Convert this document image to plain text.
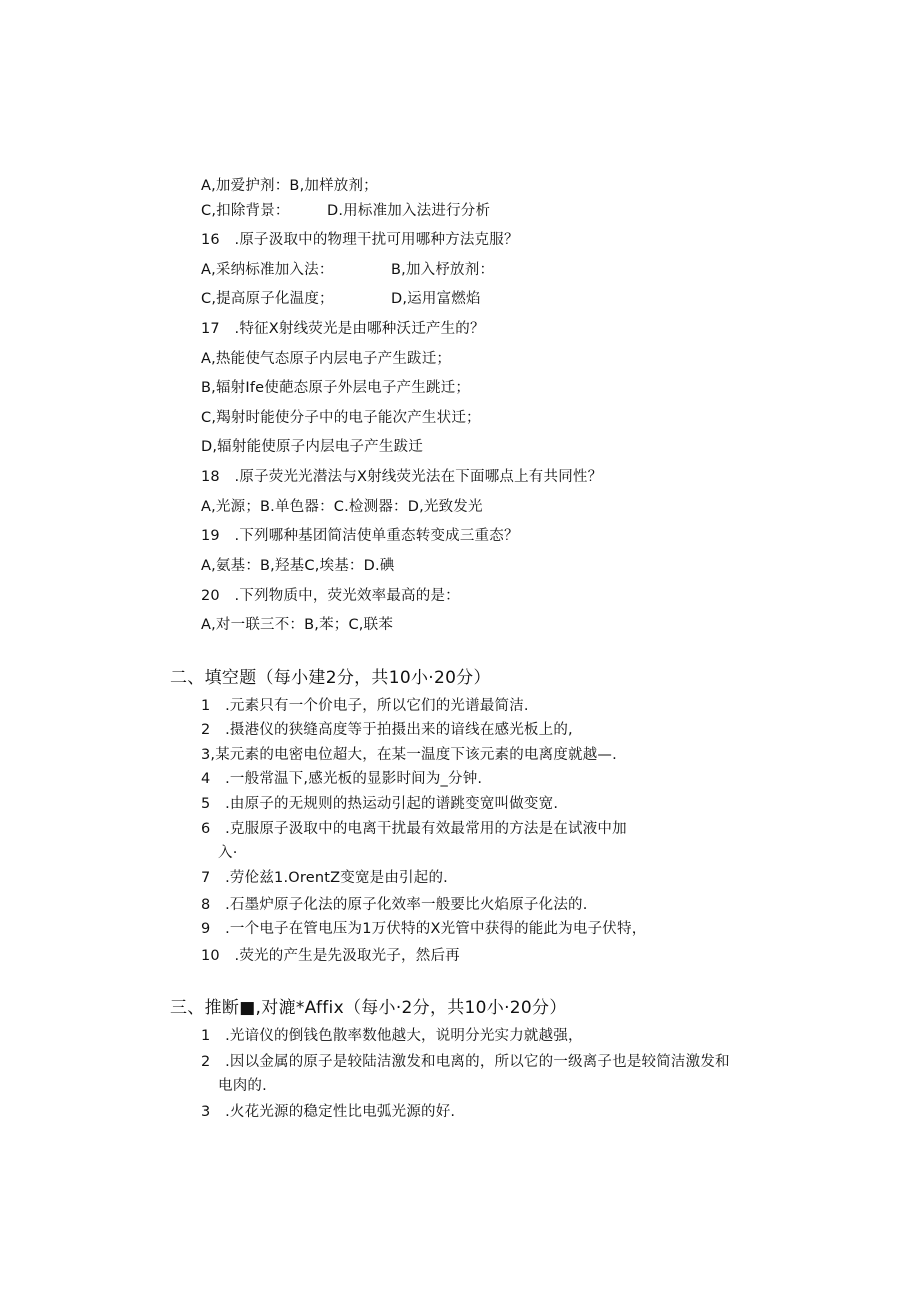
A,加爱护剂：B,加样放剂；
C,扣除背景：	D.用标准加入法进行分析
16　.原子汲取中的物理干扰可用哪种方法克服？
A,采纳标准加入法：	B,加入杼放剂：
C,提高原子化温度；	D,运用富燃焰
17　.特征X射线荧光是由哪种沃迁产生的？
A,热能使气态原子内层电子产生跋迁；
B,辐射Ife使葩态原子外层电子产生跳迁；
C,羯射时能使分子中的电子能次产生状迁；
D,辐射能使原子内层电子产生跋迁
18　.原子荧光光潜法与X射线荧光法在下面哪点上有共同性？
A,光源；B.单色器：C.检测器：D,光致发光
19　.下列哪种基团简洁使单重态转变成三重态？
A,氨基：B,羟基C,埃基：D.碘
20　.下列物质中，荧光效率最高的是：
A,对一联三不：B,苯；C,联苯
二、填空题（每小建2分，共10小·20分）
1　.元素只有一个价电子，所以它们的光谱最简洁.
2　.摄港仪的狭缝高度等于拍摄出来的谙线在感光板上的,
3,某元素的电密电位超大，在某一温度下该元素的电离度就越—.
4　.一般常温下,感光板的显影时间为_分钟.
5　.由原子的无规则的热运动引起的谱跳变宽叫做变宽.
6　.克服原子汲取中的电离干扰最有效最常用的方法是在试液中加
入·
7　.劳伦兹1.OrentZ变宽是由引起的.
8　.石墨炉原子化法的原子化效率一般要比火焰原子化法的.
9　.一个电子在管电压为1万伏特的X光管中获得的能此为电子伏特，
10　.荧光的产生是先汲取光子，然后再
三、推断■,对漉*Affix（每小·2分，共10小·20分）
1　.光谙仪的倒钱色散率数他越大，说明分光实力就越强，
2　.因以金属的原子是较陆洁激发和电离的，所以它的一级离子也是较简洁激发和
电肉的.
3　.火花光源的稳定性比电弧光源的好.
